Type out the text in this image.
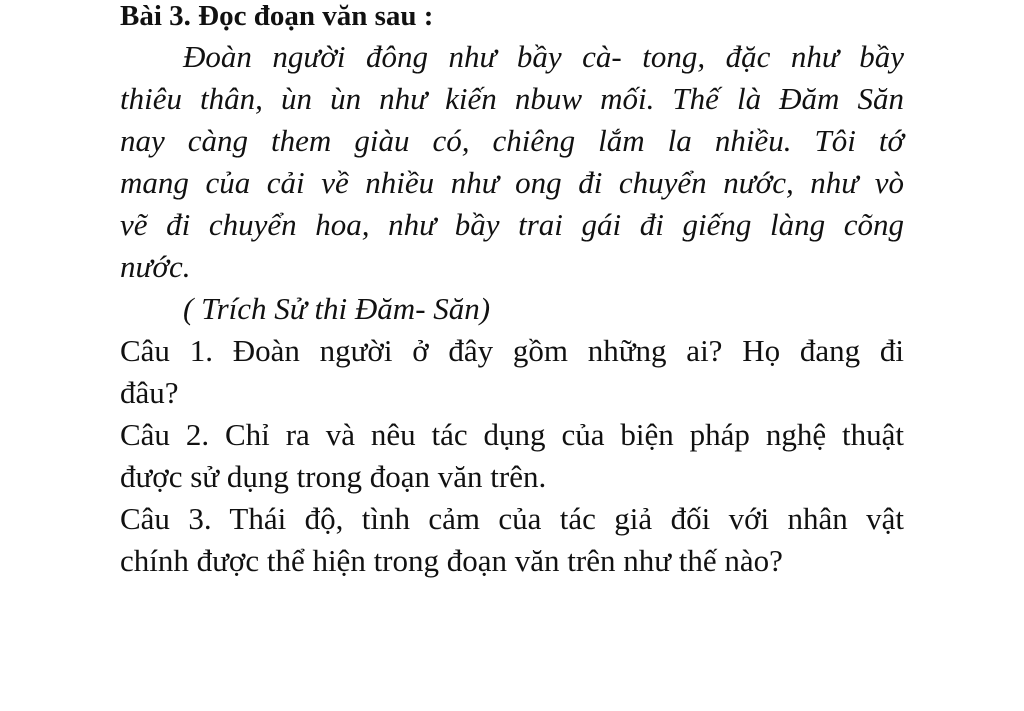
Bài 3. Đọc đoạn văn sau :
Đoàn người đông như bầy cà- tong, đặc như bầy
thiêu thân, ùn ùn như kiến nbuw mối. Thế là Đăm Săn
nay càng them giàu có, chiêng lắm la nhiều. Tôi tớ
mang của cải về nhiều như ong đi chuyển nước, như vò
vẽ đi chuyển hoa, như bầy trai gái đi giếng làng cõng
nước.
( Trích Sử thi Đăm- Săn)
Câu 1. Đoàn người ở đây gồm những ai? Họ đang đi
đâu?
Câu 2. Chỉ ra và nêu tác dụng của biện pháp nghệ thuật
được sử dụng trong đoạn văn trên.
Câu 3. Thái độ, tình cảm của tác giả đối với nhân vật
chính được thể hiện trong đoạn văn trên như thế nào?
